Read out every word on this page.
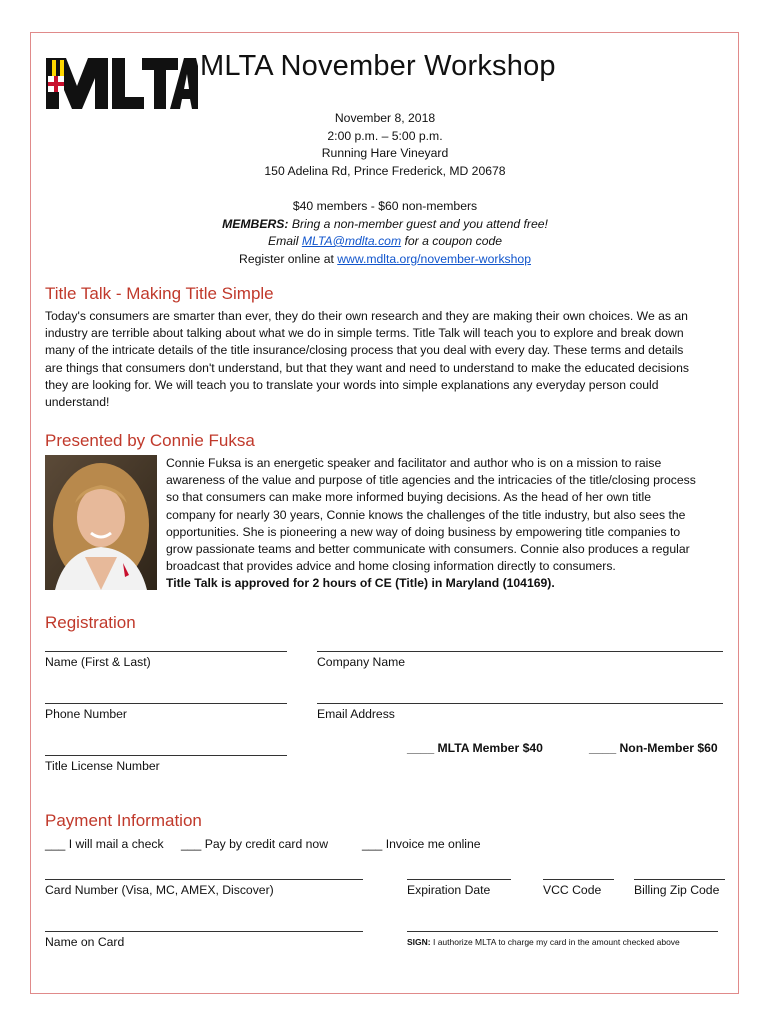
MLTA November Workshop
November 8, 2018
2:00 p.m. – 5:00 p.m.
Running Hare Vineyard
150 Adelina Rd, Prince Frederick, MD 20678
$40 members - $60 non-members
MEMBERS: Bring a non-member guest and you attend free!
Email MLTA@mdlta.com for a coupon code
Register online at www.mdlta.org/november-workshop
Title Talk - Making Title Simple
Today's consumers are smarter than ever, they do their own research and they are making their own choices. We as an
industry are terrible about talking about what we do in simple terms. Title Talk will teach you to explore and break down
many of the intricate details of the title insurance/closing process that you deal with every day. These terms and details
are things that consumers don't understand, but that they want and need to understand to make the educated decisions
they are looking for. We will teach you to translate your words into simple explanations any everyday person could
understand!
Presented by Connie Fuksa
Connie Fuksa is an energetic speaker and facilitator and author who is on a mission to raise
awareness of the value and purpose of title agencies and the intricacies of the title/closing process
so that consumers can make more informed buying decisions. As the head of her own title
company for nearly 30 years, Connie knows the challenges of the title industry, but also sees the
opportunities. She is pioneering a new way of doing business by empowering title companies to
grow passionate teams and better communicate with consumers. Connie also produces a regular
broadcast that provides advice and home closing information directly to consumers.
Title Talk is approved for 2 hours of CE (Title) in Maryland (104169).
Registration
Name (First & Last)	Company Name
Phone Number	Email Address
Title License Number
____ MLTA Member $40	____ Non-Member $60
Payment Information
___ I will mail a check ___ Pay by credit card now	___ Invoice me online
Card Number (Visa, MC, AMEX, Discover)	Expiration Date	VCC Code	Billing Zip Code
Name on Card	SIGN: I authorize MLTA to charge my card in the amount checked above
